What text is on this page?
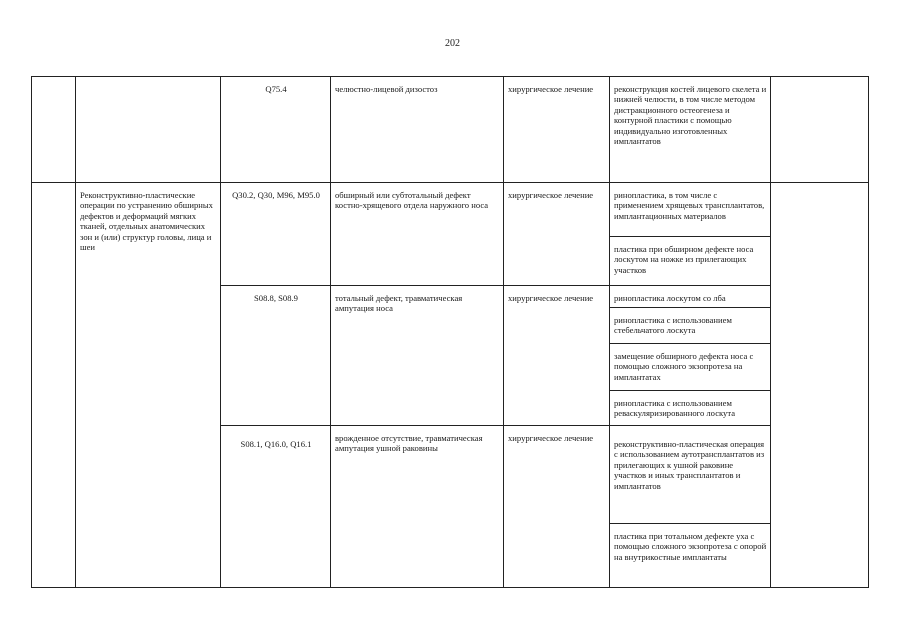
202
		Q75.4	челюстно-лицевой дизостоз	хирургическое лечение	реконструкция костей лицевого скелета и нижней челюсти, в том числе методом дистракционного остеогенеза и контурной пластики с помощью индивидуально изготовленных имплантатов	
	Реконструктивно-пластические операции по устранению обширных дефектов и деформаций мягких тканей, отдельных анатомических зон и (или) структур головы, лица и шеи	Q30.2, Q30, M96, M95.0	обширный или субтотальный дефект костно-хрящевого отдела наружного носа	хирургическое лечение	ринопластика, в том числе с применением хрящевых трансплантатов, имплантационных материалов	
					пластика при обширном дефекте носа лоскутом на ножке из прилегающих участков	
		S08.8, S08.9	тотальный дефект, травматическая ампутация носа	хирургическое лечение	ринопластика лоскутом со лба	
					ринопластика с использованием стебельчатого лоскута	
					замещение обширного дефекта носа с помощью сложного экзопротеза на имплантатах	
					ринопластика с использованием реваскуляризированного лоскута	
		S08.1, Q16.0, Q16.1	врожденное отсутствие, травматическая ампутация ушной раковины	хирургическое лечение	реконструктивно-пластическая операция с использованием аутотрансплантатов из прилегающих к ушной раковине участков и иных трансплантатов и имплантатов	
					пластика при тотальном дефекте уха с помощью сложного экзопротеза с опорой на внутрикостные имплантаты	
